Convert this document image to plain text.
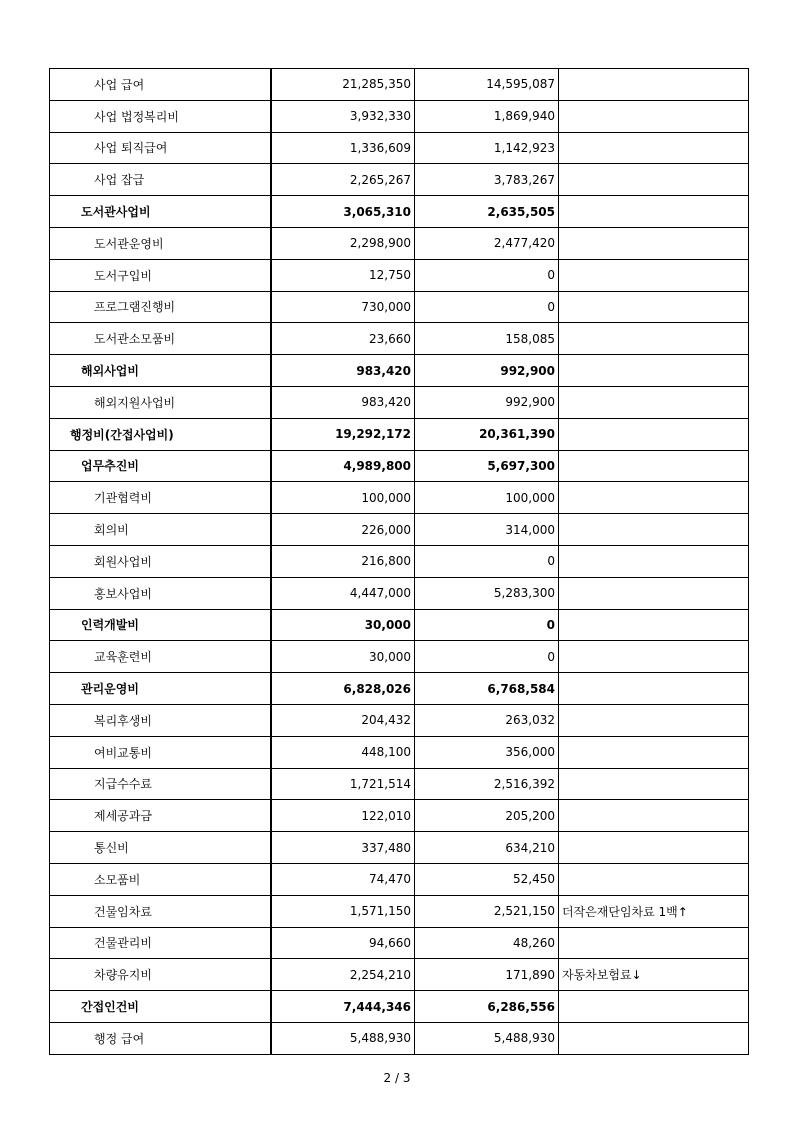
사업 급여	21,285,350	14,595,087	
사업 법정복리비	3,932,330	1,869,940	
사업 퇴직급여	1,336,609	1,142,923	
사업 잡급	2,265,267	3,783,267	
도서관사업비	3,065,310	2,635,505	
도서관운영비	2,298,900	2,477,420	
도서구입비	12,750	0	
프로그램진행비	730,000	0	
도서관소모품비	23,660	158,085	
해외사업비	983,420	992,900	
해외지원사업비	983,420	992,900	
행정비(간접사업비)	19,292,172	20,361,390	
업무추진비	4,989,800	5,697,300	
기관협력비	100,000	100,000	
회의비	226,000	314,000	
회원사업비	216,800	0	
홍보사업비	4,447,000	5,283,300	
인력개발비	30,000	0	
교육훈련비	30,000	0	
관리운영비	6,828,026	6,768,584	
복리후생비	204,432	263,032	
여비교통비	448,100	356,000	
지급수수료	1,721,514	2,516,392	
제세공과금	122,010	205,200	
통신비	337,480	634,210	
소모품비	74,470	52,450	
건물임차료	1,571,150	2,521,150	더작은재단임차료 1백↑
건물관리비	94,660	48,260	
차량유지비	2,254,210	171,890	자동차보험료↓
간접인건비	7,444,346	6,286,556	
행정 급여	5,488,930	5,488,930	
2 / 3
